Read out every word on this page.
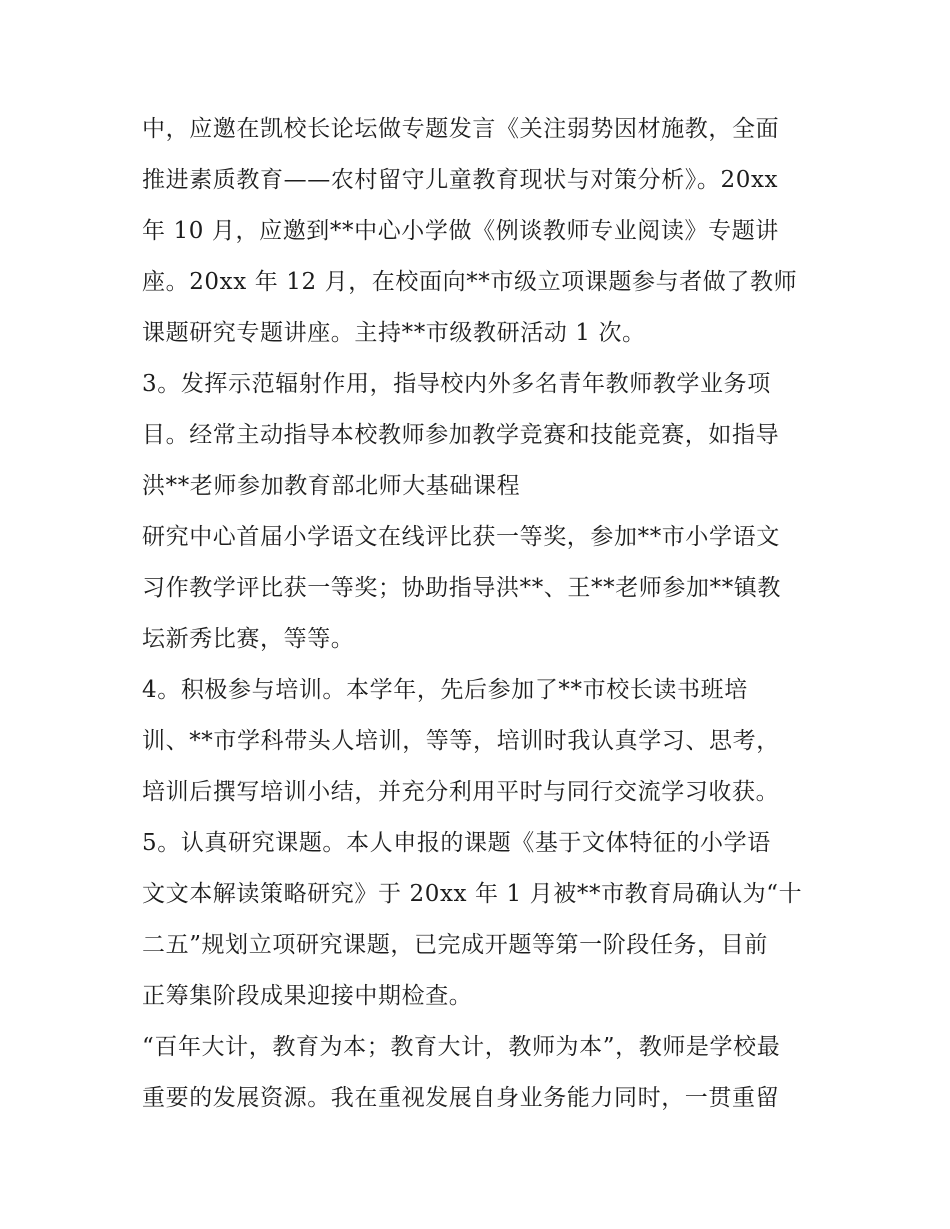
中，应邀在凯校长论坛做专题发言《关注弱势因材施教，全面
推进素质教育——农村留守儿童教育现状与对策分析》。20xx
年 10 月，应邀到**中心小学做《例谈教师专业阅读》专题讲
座。20xx 年 12 月，在校面向**市级立项课题参与者做了教师
课题研究专题讲座。主持**市级教研活动 1 次。
3。发挥示范辐射作用，指导校内外多名青年教师教学业务项
目。经常主动指导本校教师参加教学竞赛和技能竞赛，如指导
洪**老师参加教育部北师大基础课程
研究中心首届小学语文在线评比获一等奖，参加**市小学语文
习作教学评比获一等奖；协助指导洪**、王**老师参加**镇教
坛新秀比赛，等等。
4。积极参与培训。本学年，先后参加了**市校长读书班培
训、**市学科带头人培训，等等，培训时我认真学习、思考，
培训后撰写培训小结，并充分利用平时与同行交流学习收获。
5。认真研究课题。本人申报的课题《基于文体特征的小学语
文文本解读策略研究》于 20xx 年 1 月被**市教育局确认为“十
二五”规划立项研究课题，已完成开题等第一阶段任务，目前
正筹集阶段成果迎接中期检查。
“百年大计，教育为本；教育大计，教师为本”，教师是学校最
重要的发展资源。我在重视发展自身业务能力同时，一贯重留
